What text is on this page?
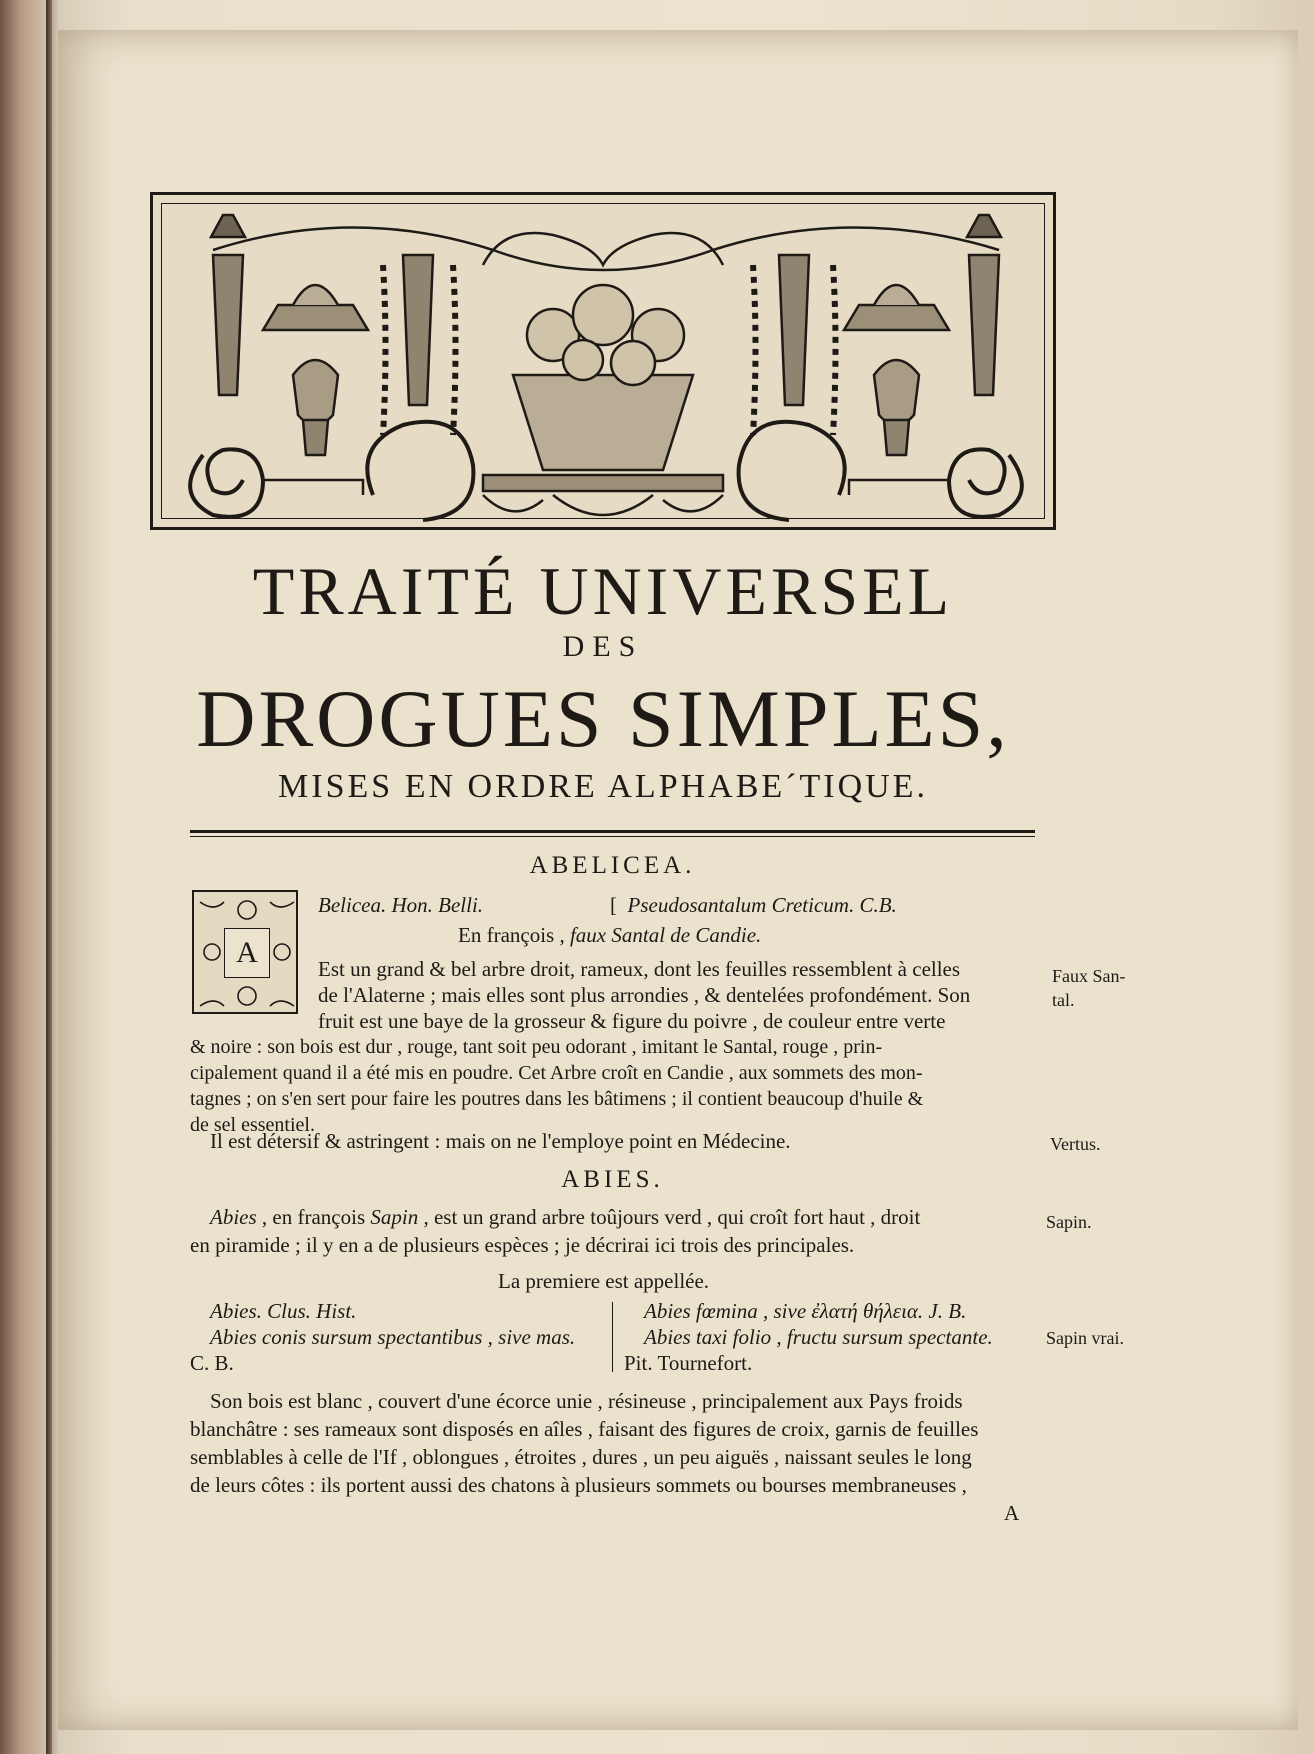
TRAITÉ UNIVERSEL
DES
DROGUES SIMPLES,
MISES EN ORDRE ALPHABE´TIQUE.
ABELICEA.
A
Belicea. Hon. Belli.	[ Pseudosantalum Creticum. C.B.
En françois , faux Santal de Candie.
Est un grand & bel arbre droit, rameux, dont les feuilles ressemblent à celles
de l'Alaterne ; mais elles sont plus arrondies , & dentelées profondément. Son
fruit est une baye de la grosseur & figure du poivre , de couleur entre verte
& noire : son bois est dur , rouge, tant soit peu odorant , imitant le Santal, rouge , prin-
cipalement quand il a été mis en poudre. Cet Arbre croît en Candie , aux sommets des mon-
tagnes ; on s'en sert pour faire les poutres dans les bâtimens ; il contient beaucoup d'huile &
de sel essentiel.
Il est détersif & astringent : mais on ne l'employe point en Médecine.
ABIES.
Abies , en françois Sapin , est un grand arbre toûjours verd , qui croît fort haut , droit
en piramide ; il y en a de plusieurs espèces ; je décrirai ici trois des principales.
La premiere est appellée.
Abies. Clus. Hist.
Abies conis sursum spectantibus , sive mas.
C. B.
Abies fœmina , sive ἐλατή θήλεια. J. B.
Abies taxi folio , fructu sursum spectante.
Pit. Tournefort.
Son bois est blanc , couvert d'une écorce unie , résineuse , principalement aux Pays froids
blanchâtre : ses rameaux sont disposés en aîles , faisant des figures de croix, garnis de feuilles
semblables à celle de l'If , oblongues , étroites , dures , un peu aiguës , naissant seules le long
de leurs côtes : ils portent aussi des chatons à plusieurs sommets ou bourses membraneuses ,
A
Faux San-
tal.
Vertus.
Sapin.
Sapin vrai.
